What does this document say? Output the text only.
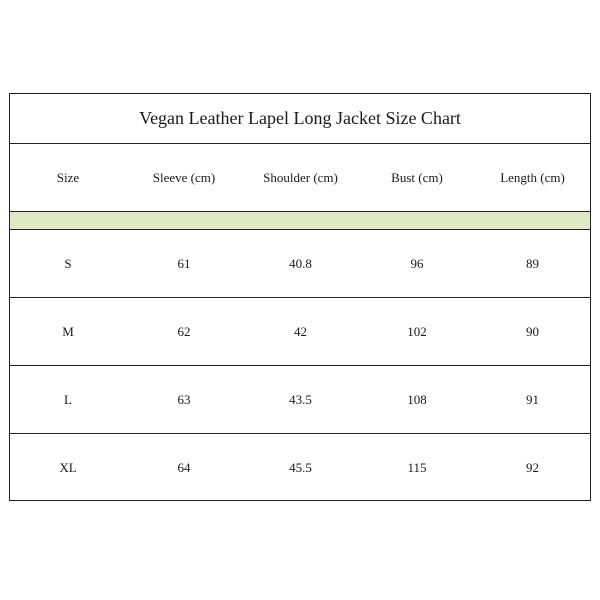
Vegan Leather Lapel Long Jacket Size Chart
Size	Sleeve (cm)	Shoulder (cm)	Bust (cm)	Length (cm)
S	61	40.8	96	89
M	62	42	102	90
L	63	43.5	108	91
XL	64	45.5	115	92
